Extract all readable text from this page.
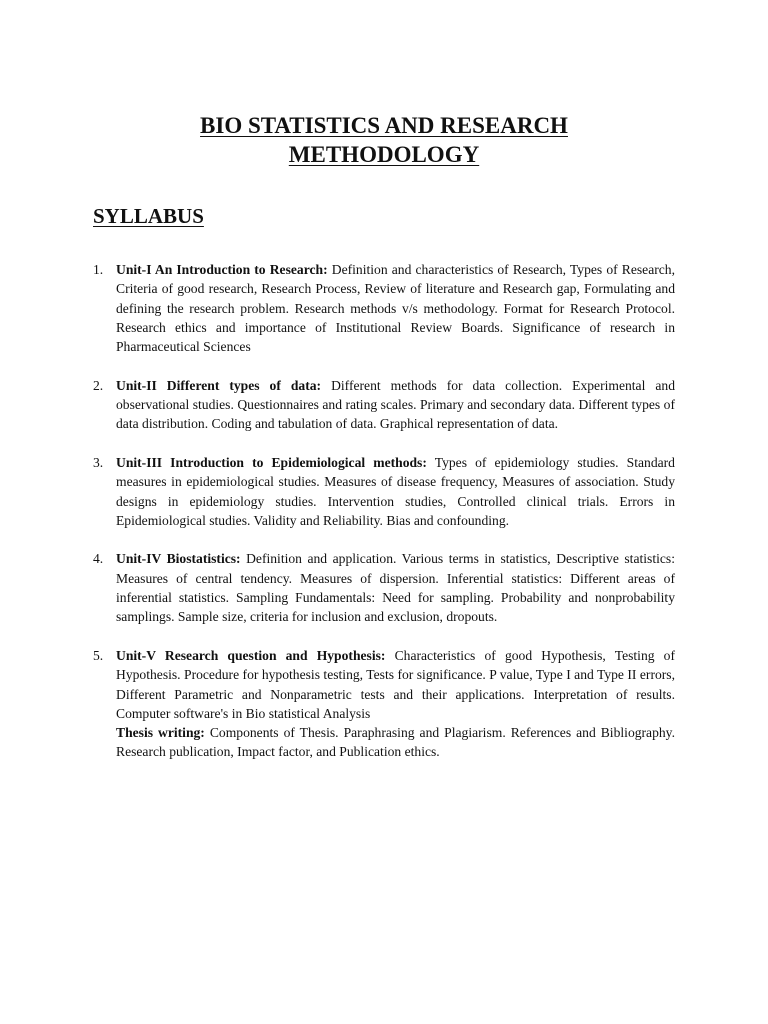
BIO STATISTICS AND RESEARCH
METHODOLOGY
SYLLABUS
1. Unit-I An Introduction to Research: Definition and characteristics of Research, Types of Research, Criteria of good research, Research Process, Review of literature and Research gap, Formulating and defining the research problem. Research methods v/s methodology. Format for Research Protocol. Research ethics and importance of Institutional Review Boards. Significance of research in Pharmaceutical Sciences

2. Unit-II Different types of data: Different methods for data collection. Experimental and observational studies. Questionnaires and rating scales. Primary and secondary data. Different types of data distribution. Coding and tabulation of data. Graphical representation of data.

3. Unit-III Introduction to Epidemiological methods: Types of epidemiology studies. Standard measures in epidemiological studies. Measures of disease frequency, Measures of association. Study designs in epidemiology studies. Intervention studies, Controlled clinical trials. Errors in Epidemiological studies. Validity and Reliability. Bias and confounding.

4. Unit-IV Biostatistics: Definition and application. Various terms in statistics, Descriptive statistics: Measures of central tendency. Measures of dispersion. Inferential statistics: Different areas of inferential statistics. Sampling Fundamentals: Need for sampling. Probability and nonprobability samplings. Sample size, criteria for inclusion and exclusion, dropouts.

5. Unit-V Research question and Hypothesis: Characteristics of good Hypothesis, Testing of Hypothesis. Procedure for hypothesis testing, Tests for significance. P value, Type I and Type II errors, Different Parametric and Nonparametric tests and their applications. Interpretation of results. Computer software's in Bio statistical Analysis

Thesis writing: Components of Thesis. Paraphrasing and Plagiarism. References and Bibliography. Research publication, Impact factor, and Publication ethics.
